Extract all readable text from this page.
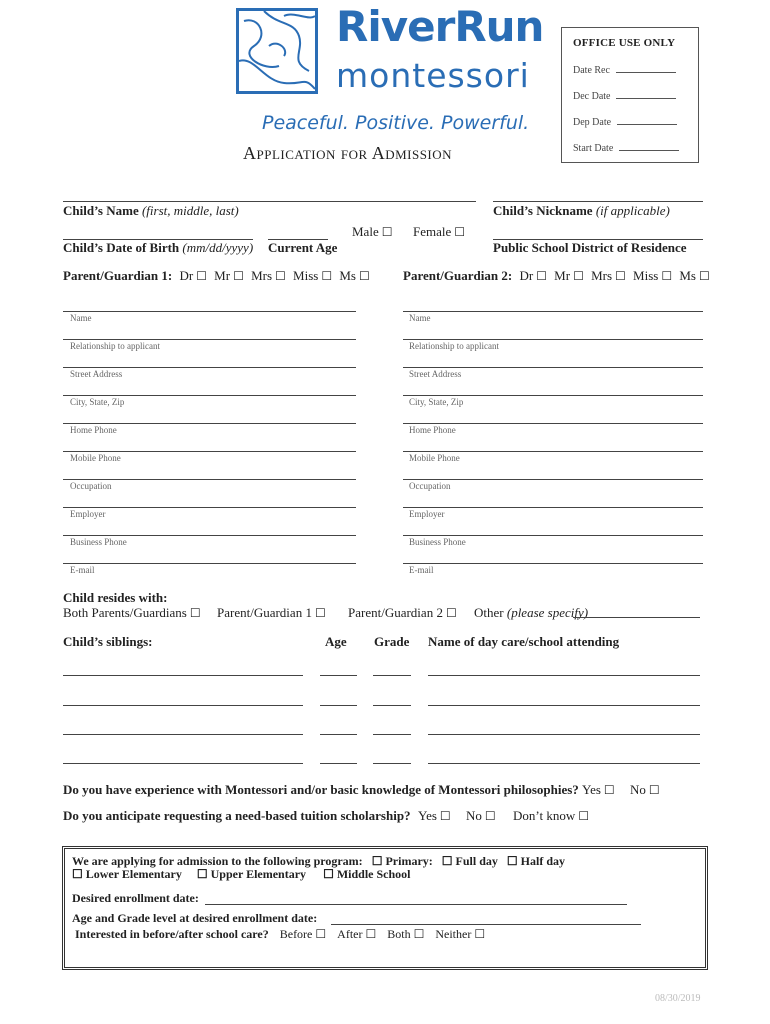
RiverRun
montessori
Peaceful. Positive. Powerful.
Application for Admission
OFFICE USE ONLY
Date Rec
Dec Date
Dep Date
Start Date
Child’s Name (first, middle, last)	Child’s Nickname (if applicable)
Male ☐ Female ☐
Child’s Date of Birth (mm/dd/yyyy) Current Age	Public School District of Residence
Parent/Guardian 1: Dr ☐ Mr ☐ Mrs ☐ Miss ☐ Ms ☐	Parent/Guardian 2: Dr ☐ Mr ☐ Mrs ☐ Miss ☐ Ms ☐
Name
Relationship to applicant
Street Address
City, State, Zip
Home Phone
Mobile Phone
Occupation
Employer
Business Phone
E-mail
Name
Relationship to applicant
Street Address
City, State, Zip
Home Phone
Mobile Phone
Occupation
Employer
Business Phone
E-mail
Child resides with:
Both Parents/Guardians ☐ Parent/Guardian 1 ☐ Parent/Guardian 2 ☐ Other (please specify)
Child’s siblings:	Age Grade Name of day care/school attending
Do you have experience with Montessori and/or basic knowledge of Montessori philosophies? Yes ☐ No ☐
Do you anticipate requesting a need-based tuition scholarship? Yes ☐ No ☐ Don’t know ☐
We are applying for admission to the following program: ☐ Primary: ☐ Full day ☐ Half day
☐ Lower Elementary ☐ Upper Elementary ☐ Middle School
Desired enrollment date:
Age and Grade level at desired enrollment date:
Interested in before/after school care? Before ☐ After ☐ Both ☐ Neither ☐
08/30/2019
